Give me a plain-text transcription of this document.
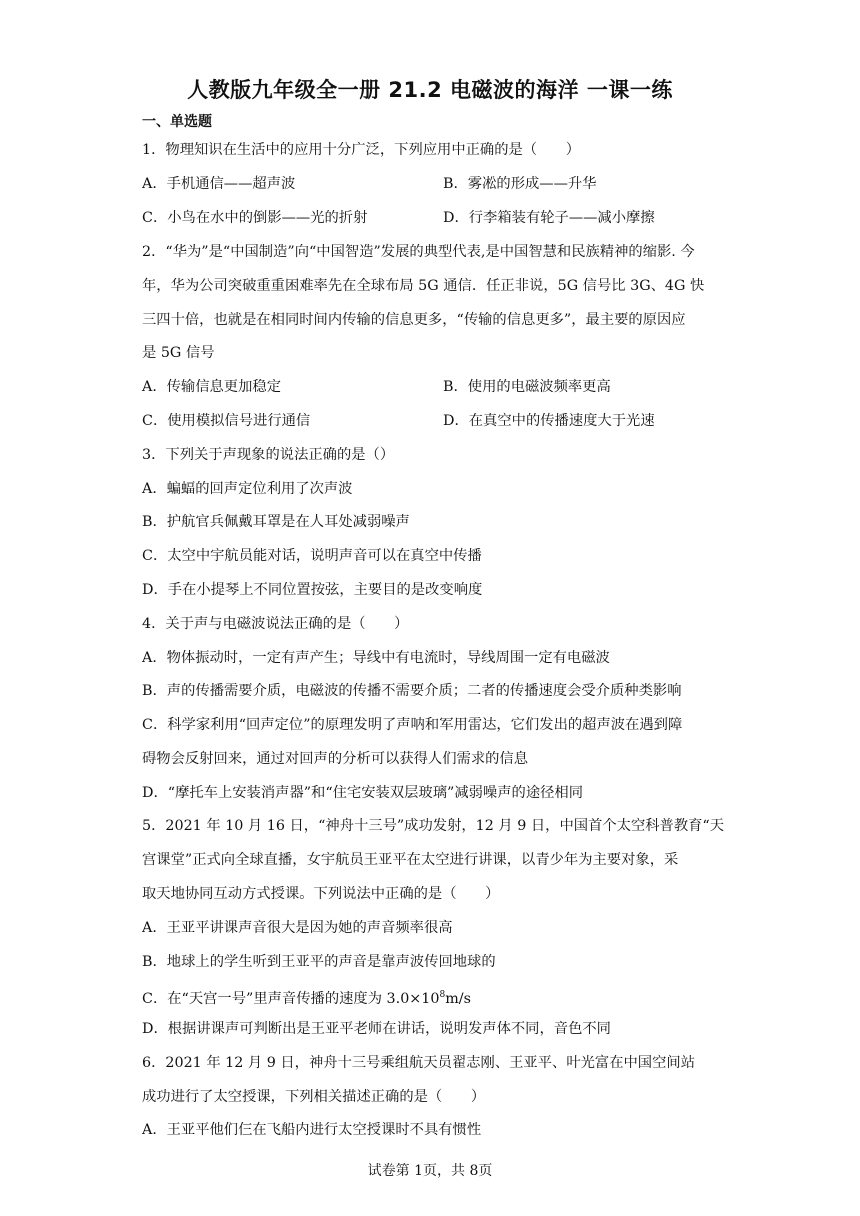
人教版九年级全一册 21.2 电磁波的海洋 一课一练
一、单选题
1．物理知识在生活中的应用十分广泛，下列应用中正确的是（　　）
A．手机通信——超声波	B．雾凇的形成——升华
C．小鸟在水中的倒影——光的折射	D．行李箱装有轮子——减小摩擦
2．“华为”是“中国制造”向“中国智造”发展的典型代表,是中国智慧和民族精神的缩影. 今
年，华为公司突破重重困难率先在全球布局 5G 通信．任正非说，5G 信号比 3G、4G 快
三四十倍，也就是在相同时间内传输的信息更多，“传输的信息更多”，最主要的原因应
是 5G 信号
A．传输信息更加稳定	B．使用的电磁波频率更高
C．使用模拟信号进行通信	D．在真空中的传播速度大于光速
3．下列关于声现象的说法正确的是（）
A．蝙蝠的回声定位利用了次声波
B．护航官兵佩戴耳罩是在人耳处减弱噪声
C．太空中宇航员能对话，说明声音可以在真空中传播
D．手在小提琴上不同位置按弦，主要目的是改变响度
4．关于声与电磁波说法正确的是（　　）
A．物体振动时，一定有声产生；导线中有电流时，导线周围一定有电磁波
B．声的传播需要介质，电磁波的传播不需要介质；二者的传播速度会受介质种类影响
C．科学家利用“回声定位”的原理发明了声呐和军用雷达，它们发出的超声波在遇到障
碍物会反射回来，通过对回声的分析可以获得人们需求的信息
D．“摩托车上安装消声器”和“住宅安装双层玻璃”减弱噪声的途径相同
5．2021 年 10 月 16 日，“神舟十三号”成功发射，12 月 9 日，中国首个太空科普教育“天
宫课堂”正式向全球直播，女宇航员王亚平在太空进行讲课，以青少年为主要对象，采
取天地协同互动方式授课。下列说法中正确的是（　　）
A．王亚平讲课声音很大是因为她的声音频率很高
B．地球上的学生听到王亚平的声音是靠声波传回地球的
C．在“天宫一号”里声音传播的速度为 $3.0\times 10^8m/s$
D．根据讲课声可判断出是王亚平老师在讲话，说明发声体不同，音色不同
6．2021 年 12 月 9 日，神舟十三号乘组航天员翟志刚、王亚平、叶光富在中国空间站
成功进行了太空授课，下列相关描述正确的是（　　）
A．王亚平他们仨在飞船内进行太空授课时不具有惯性
试卷第 1页，共 8页
